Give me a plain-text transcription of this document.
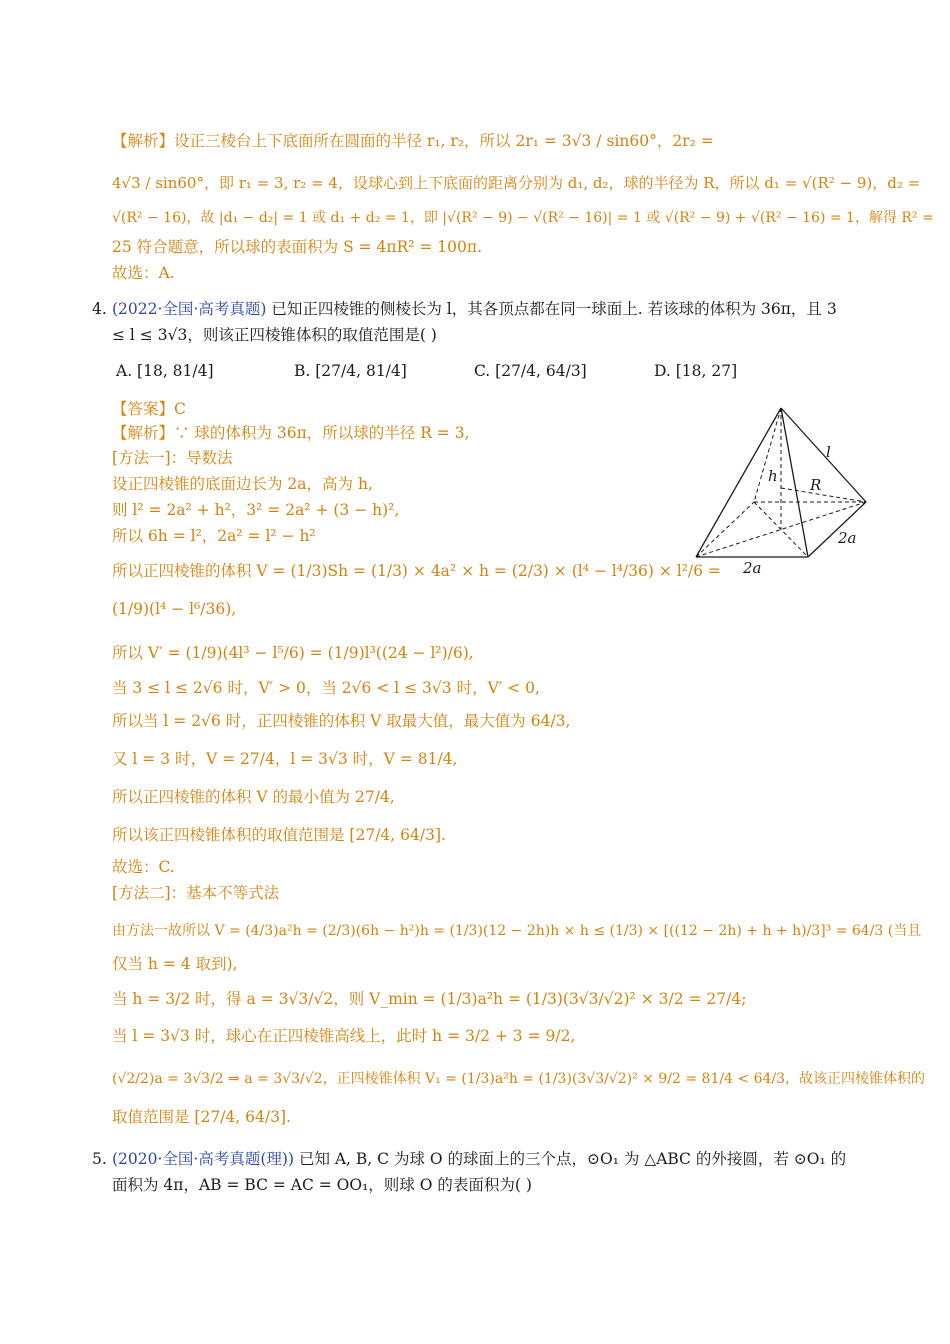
【解析】设正三棱台上下底面所在圆面的半径 r₁, r₂，所以 2r₁ = 3√3 / sin60°，2r₂ =
4√3 / sin60°，即 r₁ = 3, r₂ = 4，设球心到上下底面的距离分别为 d₁, d₂，球的半径为 R，所以 d₁ = √(R² − 9)，d₂ =
√(R² − 16)，故 |d₁ − d₂| = 1 或 d₁ + d₂ = 1，即 |√(R² − 9) − √(R² − 16)| = 1 或 √(R² − 9) + √(R² − 16) = 1，解得 R² =
25 符合题意，所以球的表面积为 S = 4πR² = 100π.
故选：A.
4. (2022·全国·高考真题) 已知正四棱锥的侧棱长为 l，其各顶点都在同一球面上. 若该球的体积为 36π，且 3
≤ l ≤ 3√3，则该正四棱锥体积的取值范围是( )
A. [18, 81/4]	B. [27/4, 81/4]	C. [27/4, 64/3]	D. [18, 27]
【答案】C
【解析】∵ 球的体积为 36π，所以球的半径 R = 3,
[方法一]：导数法
设正四棱锥的底面边长为 2a，高为 h,
则 l² = 2a² + h²，3² = 2a² + (3 − h)²,
所以 6h = l²，2a² = l² − h²
所以正四棱锥的体积 V = (1/3)Sh = (1/3) × 4a² × h = (2/3) × (l⁴ − l⁴/36) × l²/6 =
(1/9)(l⁴ − l⁶/36),
所以 V′ = (1/9)(4l³ − l⁵/6) = (1/9)l³((24 − l²)/6),
当 3 ≤ l ≤ 2√6 时，V′ > 0，当 2√6 < l ≤ 3√3 时，V′ < 0,
所以当 l = 2√6 时，正四棱锥的体积 V 取最大值，最大值为 64/3,
又 l = 3 时，V = 27/4，l = 3√3 时，V = 81/4,
所以正四棱锥的体积 V 的最小值为 27/4,
所以该正四棱锥体积的取值范围是 [27/4, 64/3].
故选：C.
[方法二]：基本不等式法
由方法一故所以 V = (4/3)a²h = (2/3)(6h − h²)h = (1/3)(12 − 2h)h × h ≤ (1/3) × [((12 − 2h) + h + h)/3]³ = 64/3 (当且
仅当 h = 4 取到),
当 h = 3/2 时，得 a = 3√3/√2，则 V_min = (1/3)a²h = (1/3)(3√3/√2)² × 3/2 = 27/4;
当 l = 3√3 时，球心在正四棱锥高线上，此时 h = 3/2 + 3 = 9/2,
(√2/2)a = 3√3/2 ⇒ a = 3√3/√2，正四棱锥体积 V₁ = (1/3)a²h = (1/3)(3√3/√2)² × 9/2 = 81/4 < 64/3，故该正四棱锥体积的
取值范围是 [27/4, 64/3].
l
h R
2a
2a
5. (2020·全国·高考真题(理)) 已知 A, B, C 为球 O 的球面上的三个点，⊙O₁ 为 △ABC 的外接圆，若 ⊙O₁ 的
面积为 4π，AB = BC = AC = OO₁，则球 O 的表面积为( )
